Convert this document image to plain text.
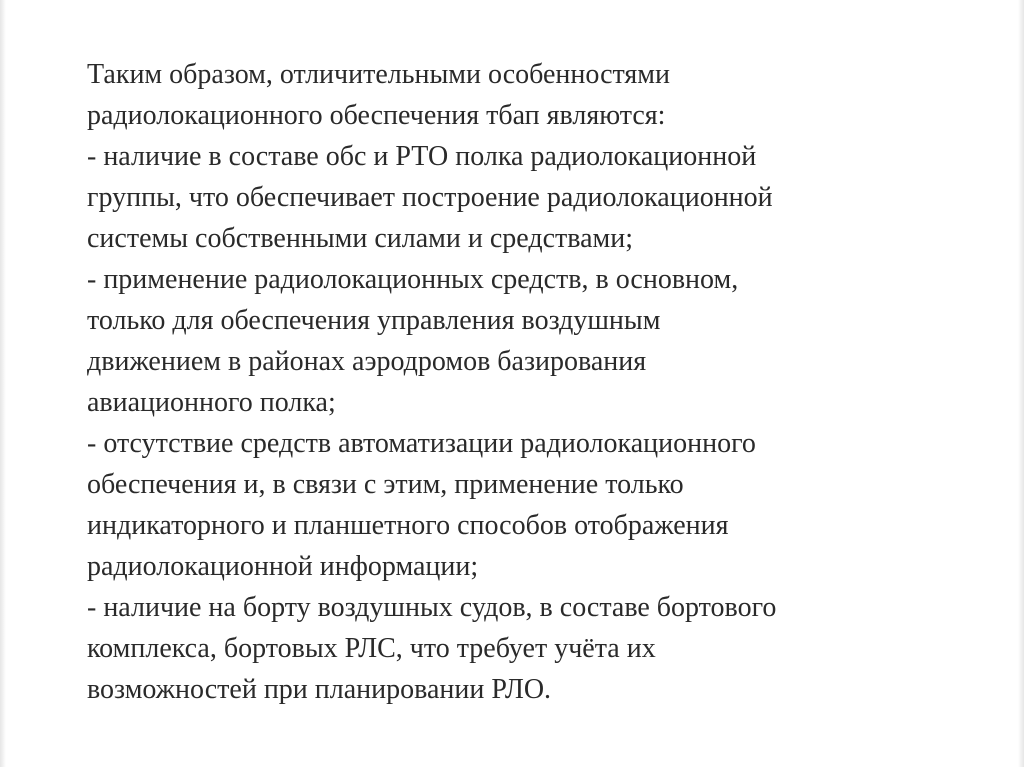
Таким образом, отличительными особенностями
радиолокационного обеспечения тбап являются:
- наличие в составе обс и РТО полка радиолокационной
группы, что обеспечивает построение радиолокационной
системы собственными силами и средствами;
- применение радиолокационных средств, в основном,
только для обеспечения управления воздушным
движением в районах аэродромов базирования
авиационного полка;
- отсутствие средств автоматизации радиолокационного
обеспечения и, в связи с этим, применение только
индикаторного и планшетного способов отображения
радиолокационной информации;
- наличие на борту воздушных судов, в составе бортового
комплекса, бортовых РЛС, что требует учёта их
возможностей при планировании РЛО.
